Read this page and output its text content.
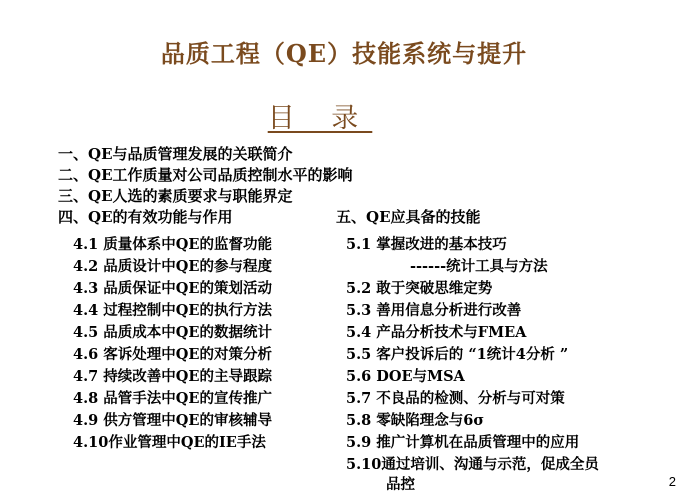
品质工程（QE）技能系统与提升
目 录
一、QE与品质管理发展的关联简介
二、QE工作质量对公司品质控制水平的影响
三、QE人选的素质要求与职能界定
四、QE的有效功能与作用	五、QE应具备的技能
4.1 质量体系中QE的监督功能
4.2 品质设计中QE的参与程度
4.3 品质保证中QE的策划活动
4.4 过程控制中QE的执行方法
4.5 品质成本中QE的数据统计
4.6 客诉处理中QE的对策分析
4.7 持续改善中QE的主导跟踪
4.8 品管手法中QE的宣传推广
4.9 供方管理中QE的审核辅导
4.10作业管理中QE的IE手法
5.1 掌握改进的基本技巧
------统计工具与方法
5.2 敢于突破思维定势
5.3 善用信息分析进行改善
5.4 产品分析技术与FMEA
5.5 客户投诉后的 “1统计4分析 ”
5.6 DOE与MSA
5.7 不良品的检测、分析与可对策
5.8 零缺陷理念与6σ
5.9 推广计算机在品质管理中的应用
5.10通过培训、沟通与示范，促成全员
品控	2
